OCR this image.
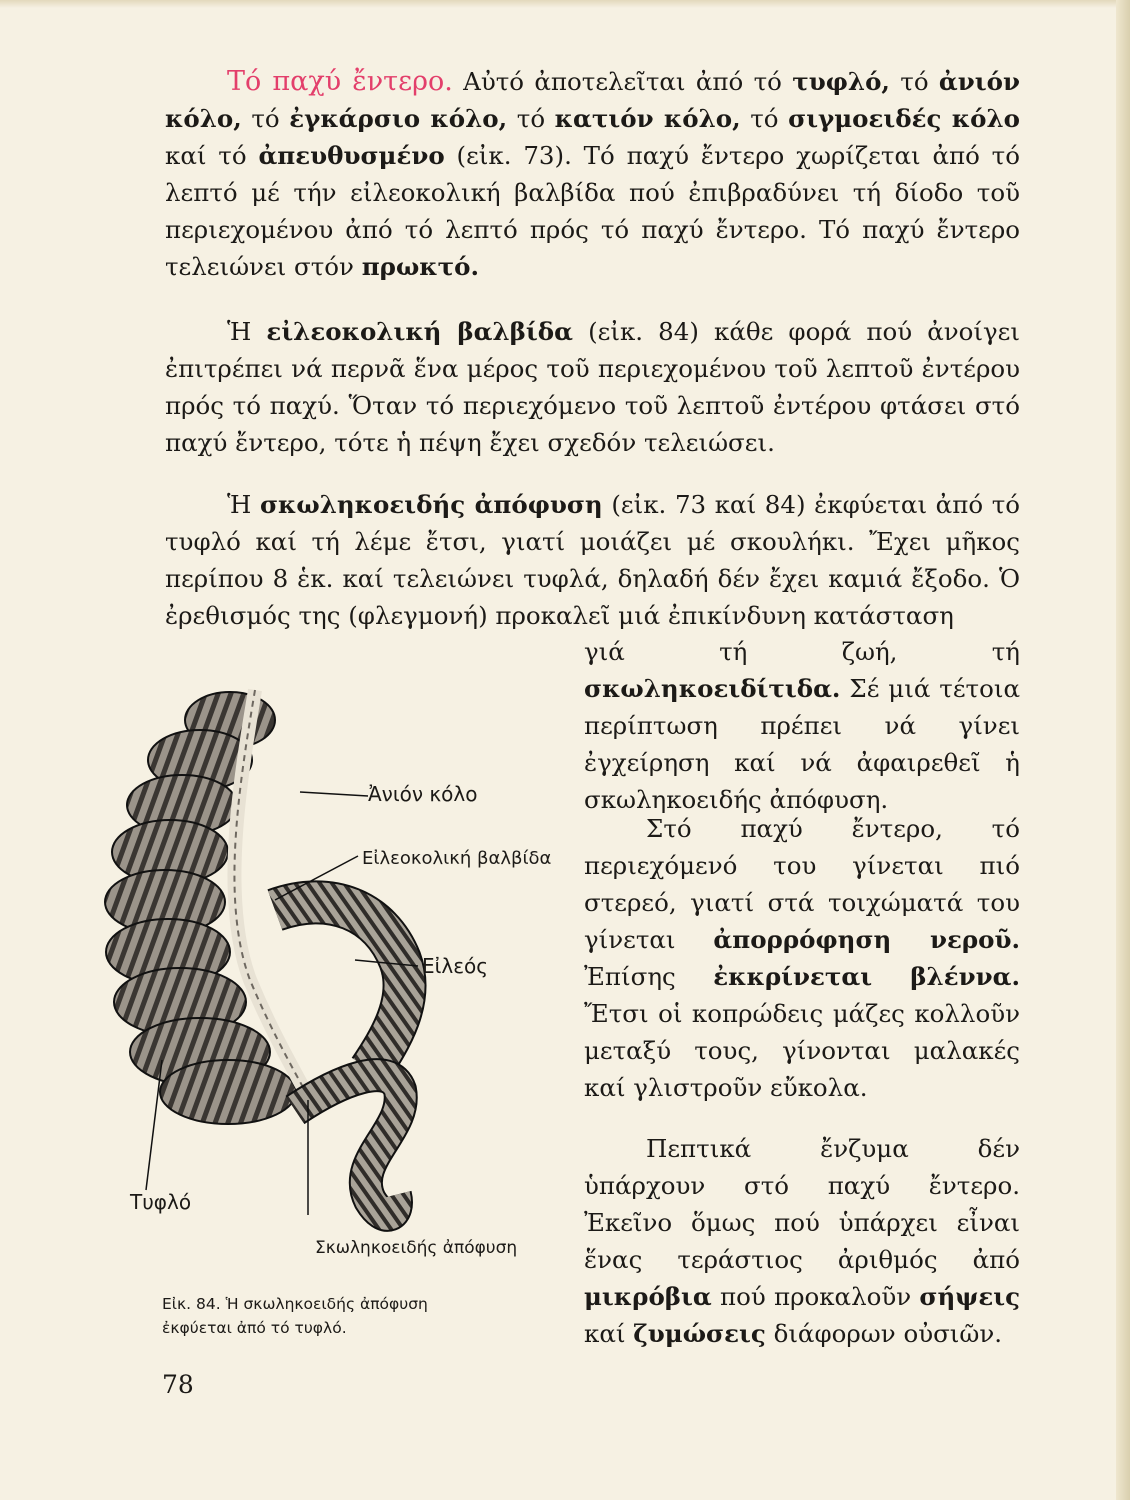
Τό παχύ ἔντερο. Αὐτό ἀποτελεῖται ἀπό τό τυφλό, τό ἀνιόν κόλο, τό ἐγκάρσιο κόλο, τό κατιόν κόλο, τό σιγμοειδές κόλο καί τό ἀπευθυσμένο (εἰκ. 73). Τό παχύ ἔντερο χωρίζεται ἀπό τό λεπτό μέ τήν εἰλεοκολική βαλβίδα πού ἐπιβραδύνει τή δίοδο τοῦ περιεχομένου ἀπό τό λεπτό πρός τό παχύ ἔντερο. Τό παχύ ἔντερο τελειώνει στόν πρωκτό.

Ἡ εἰλεοκολική βαλβίδα (εἰκ. 84) κάθε φορά πού ἀνοίγει ἐπιτρέπει νά περνᾶ ἕνα μέρος τοῦ περιεχομένου τοῦ λεπτοῦ ἐντέρου πρός τό παχύ. Ὅταν τό περιεχόμενο τοῦ λεπτοῦ ἐντέρου φτάσει στό παχύ ἔντερο, τότε ἡ πέψη ἔχει σχεδόν τελειώσει.

Ἡ σκωληκοειδής ἀπόφυση (εἰκ. 73 καί 84) ἐκφύεται ἀπό τό τυφλό καί τή λέμε ἔτσι, γιατί μοιάζει μέ σκουλήκι. Ἔχει μῆκος περίπου 8 ἑκ. καί τελειώνει τυφλά, δηλαδή δέν ἔχει καμιά ἔξοδο. Ὁ ἐρεθισμός της (φλεγμονή) προκαλεῖ μιά ἐπικίνδυνη κατάσταση

γιά τή ζωή, τή σκωληκοειδίτιδα. Σέ μιά τέτοια περίπτωση πρέπει νά γίνει ἐγχείρηση καί νά ἀφαιρεθεῖ ἡ σκωληκοειδής ἀπόφυση.

Στό παχύ ἔντερο, τό περιεχόμενό του γίνεται πιό στερεό, γιατί στά τοιχώματά του γίνεται ἀπορρόφηση νεροῦ. Ἐπίσης ἐκκρίνεται βλέννα. Ἔτσι οἱ κοπρώδεις μάζες κολλοῦν μεταξύ τους, γίνονται μαλακές καί γλιστροῦν εὔκολα.

Πεπτικά ἔνζυμα δέν ὑπάρχουν στό παχύ ἔντερο. Ἐκεῖνο ὅμως πού ὑπάρχει εἶναι ἕνας τεράστιος ἀριθμός ἀπό μικρόβια πού προκαλοῦν σήψεις καί ζυμώσεις διάφορων οὐσιῶν.

Ἀνιόν κόλο
Εἰλεοκολική βαλβίδα
Εἰλεός
Τυφλό
Σκωληκοειδής ἀπόφυση
Εἰκ. 84. Ἡ σκωληκοειδής ἀπόφυση
ἐκφύεται ἀπό τό τυφλό.
78
